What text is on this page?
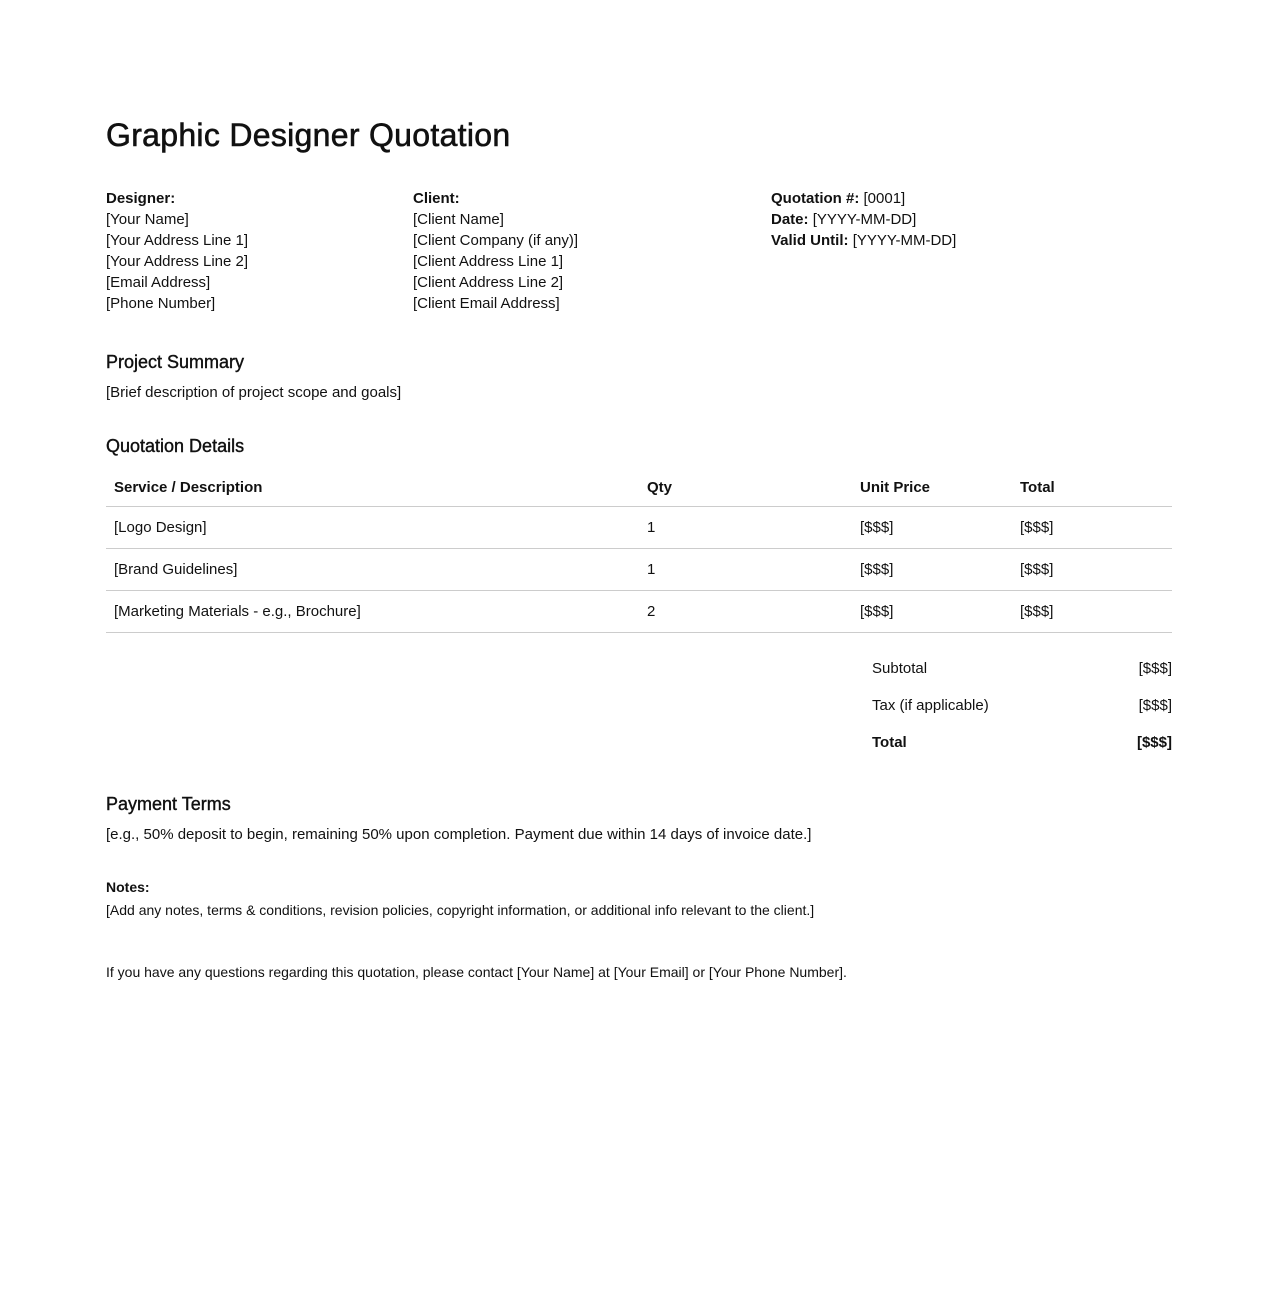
Graphic Designer Quotation
Designer:
[Your Name]
[Your Address Line 1]
[Your Address Line 2]
[Email Address]
[Phone Number]
Client:
[Client Name]
[Client Company (if any)]
[Client Address Line 1]
[Client Address Line 2]
[Client Email Address]
Quotation #: [0001]
Date: [YYYY-MM-DD]
Valid Until: [YYYY-MM-DD]
Project Summary
[Brief description of project scope and goals]
Quotation Details
Service / Description	Qty	Unit Price	Total
[Logo Design]	1	[$$$]	[$$$]
[Brand Guidelines]	1	[$$$]	[$$$]
[Marketing Materials - e.g., Brochure]	2	[$$$]	[$$$]
Subtotal	[$$$]
Tax (if applicable)	[$$$]
Total	[$$$]
Payment Terms
[e.g., 50% deposit to begin, remaining 50% upon completion. Payment due within 14 days of invoice date.]
Notes:
[Add any notes, terms & conditions, revision policies, copyright information, or additional info relevant to the client.]
If you have any questions regarding this quotation, please contact [Your Name] at [Your Email] or [Your Phone Number].
